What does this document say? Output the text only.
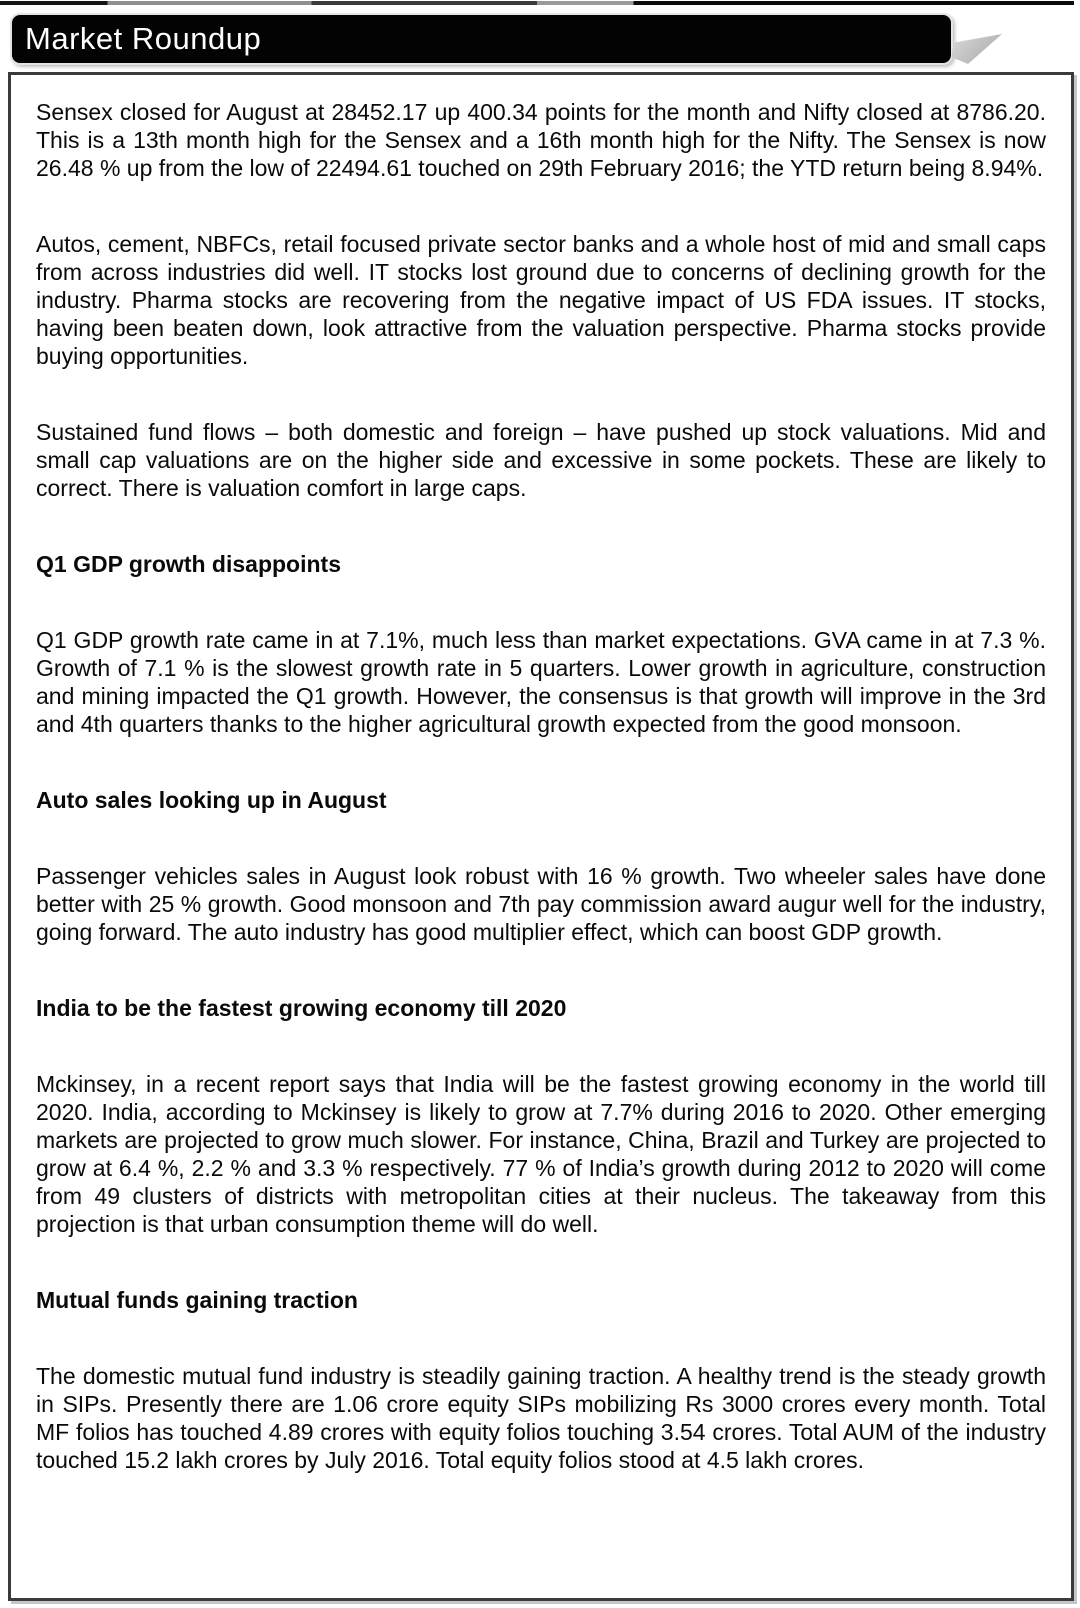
Market Roundup

Sensex closed for August at 28452.17 up 400.34 points for the month and Nifty closed at 8786.20. This is a 13th month high for the Sensex and a 16th month high for the Nifty. The Sensex is now 26.48 % up from the low of 22494.61 touched on 29th February 2016; the YTD return being 8.94%.

Autos, cement, NBFCs, retail focused private sector banks and a whole host of mid and small caps from across industries did well. IT stocks lost ground due to concerns of declining growth for the industry. Pharma stocks are recovering from the negative impact of US FDA issues. IT stocks, having been beaten down, look attractive from the valuation perspective. Pharma stocks provide buying opportunities.

Sustained fund flows – both domestic and foreign – have pushed up stock valuations. Mid and small cap valuations are on the higher side and excessive in some pockets. These are likely to correct. There is valuation comfort in large caps.

Q1 GDP growth disappoints

Q1 GDP growth rate came in at 7.1%, much less than market expectations. GVA came in at 7.3 %. Growth of 7.1 % is the slowest growth rate in 5 quarters. Lower growth in agriculture, construction and mining impacted the Q1 growth. However, the consensus is that growth will improve in the 3rd and 4th quarters thanks to the higher agricultural growth expected from the good monsoon.

Auto sales looking up in August

Passenger vehicles sales in August look robust with 16 % growth. Two wheeler sales have done better with 25 % growth. Good monsoon and 7th pay commission award augur well for the industry, going forward. The auto industry has good multiplier effect, which can boost GDP growth.

India to be the fastest growing economy till 2020

Mckinsey, in a recent report says that India will be the fastest growing economy in the world till 2020. India, according to Mckinsey is likely to grow at 7.7% during 2016 to 2020. Other emerging markets are projected to grow much slower. For instance, China, Brazil and Turkey are projected to grow at 6.4 %, 2.2 % and 3.3 % respectively. 77 % of India’s growth during 2012 to 2020 will come from 49 clusters of districts with metropolitan cities at their nucleus. The takeaway from this projection is that urban consumption theme will do well.

Mutual funds gaining traction

The domestic mutual fund industry is steadily gaining traction. A healthy trend is the steady growth in SIPs. Presently there are 1.06 crore equity SIPs mobilizing Rs 3000 crores every month. Total MF folios has touched 4.89 crores with equity folios touching 3.54 crores. Total AUM of the industry touched 15.2 lakh crores by July 2016. Total equity folios stood at 4.5 lakh crores.
